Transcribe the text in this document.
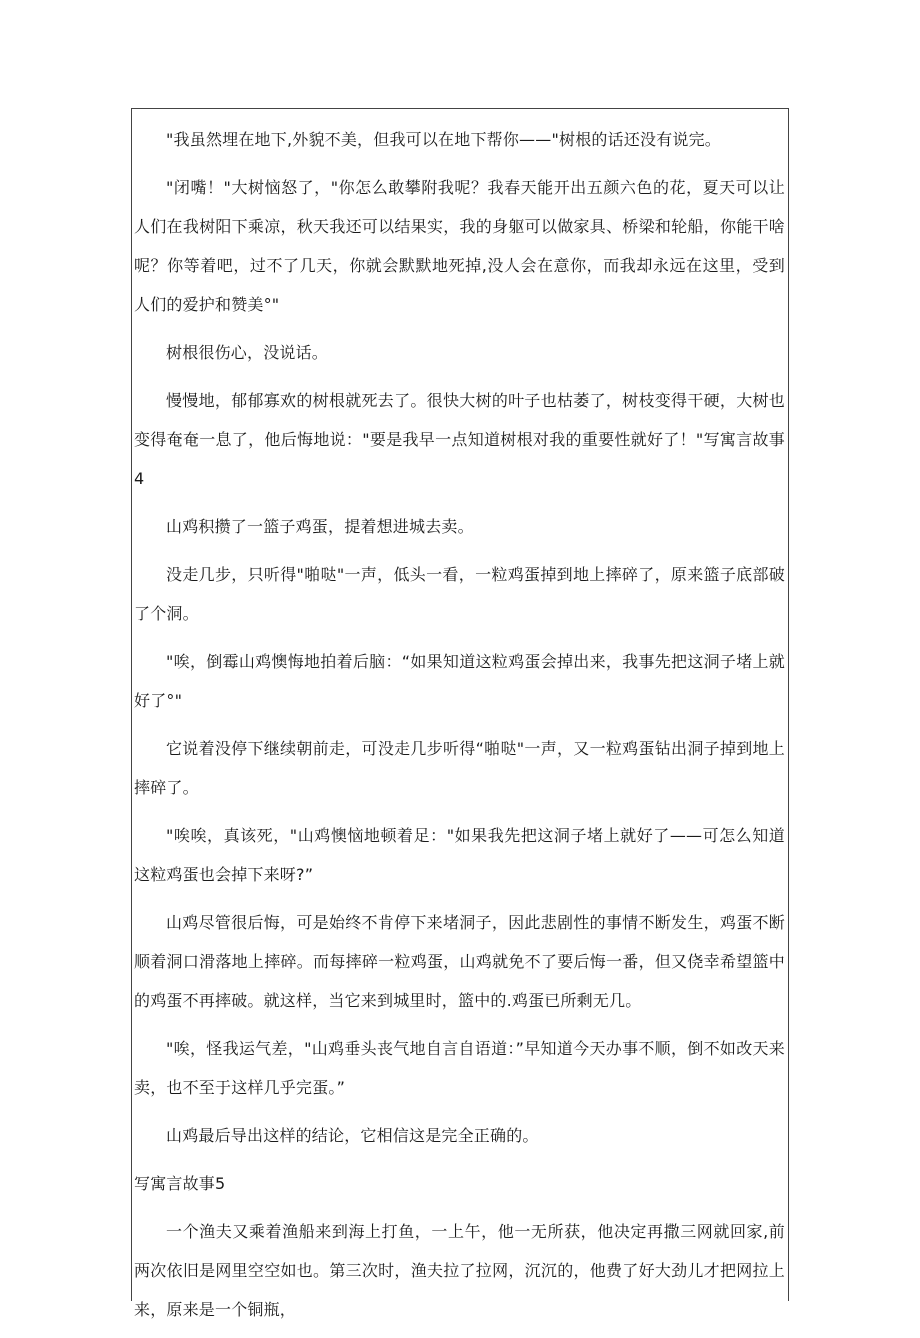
"我虽然埋在地下,外貌不美，但我可以在地下帮你——"树根的话还没有说完。

"闭嘴！"大树恼怒了，"你怎么敢攀附我呢？我春天能开出五颜六色的花，夏天可以让人们在我树阳下乘凉，秋天我还可以结果实，我的身躯可以做家具、桥梁和轮船，你能干啥呢？你等着吧，过不了几天，你就会默默地死掉,没人会在意你，而我却永远在这里，受到人们的爱护和赞美°"

树根很伤心，没说话。

慢慢地，郁郁寡欢的树根就死去了。很快大树的叶子也枯萎了，树枝变得干硬，大树也变得奄奄一息了，他后悔地说："要是我早一点知道树根对我的重要性就好了！"写寓言故事4

山鸡积攒了一篮子鸡蛋，提着想进城去卖。

没走几步，只听得"啪哒"一声，低头一看，一粒鸡蛋掉到地上摔碎了，原来篮子底部破了个洞。

"唉，倒霉山鸡懊悔地拍着后脑：“如果知道这粒鸡蛋会掉出来，我事先把这洞子堵上就好了°"

它说着没停下继续朝前走，可没走几步听得“啪哒"一声，又一粒鸡蛋钻出洞子掉到地上摔碎了。

"唉唉，真该死，"山鸡懊恼地顿着足："如果我先把这洞子堵上就好了——可怎么知道这粒鸡蛋也会掉下来呀?”

山鸡尽管很后悔，可是始终不肯停下来堵洞子，因此悲剧性的事情不断发生，鸡蛋不断顺着洞口滑落地上摔碎。而每摔碎一粒鸡蛋，山鸡就免不了要后悔一番，但又侥幸希望篮中的鸡蛋不再摔破。就这样，当它来到城里时，篮中的.鸡蛋已所剩无几。

"唉，怪我运气差，"山鸡垂头丧气地自言自语道：”早知道今天办事不顺，倒不如改天来卖，也不至于这样几乎完蛋。”

山鸡最后导出这样的结论，它相信这是完全正确的。

写寓言故事5

一个渔夫又乘着渔船来到海上打鱼，一上午，他一无所获，他决定再撒三网就回家,前两次依旧是网里空空如也。第三次时，渔夫拉了拉网，沉沉的，他费了好大劲儿才把网拉上来，原来是一个铜瓶，
